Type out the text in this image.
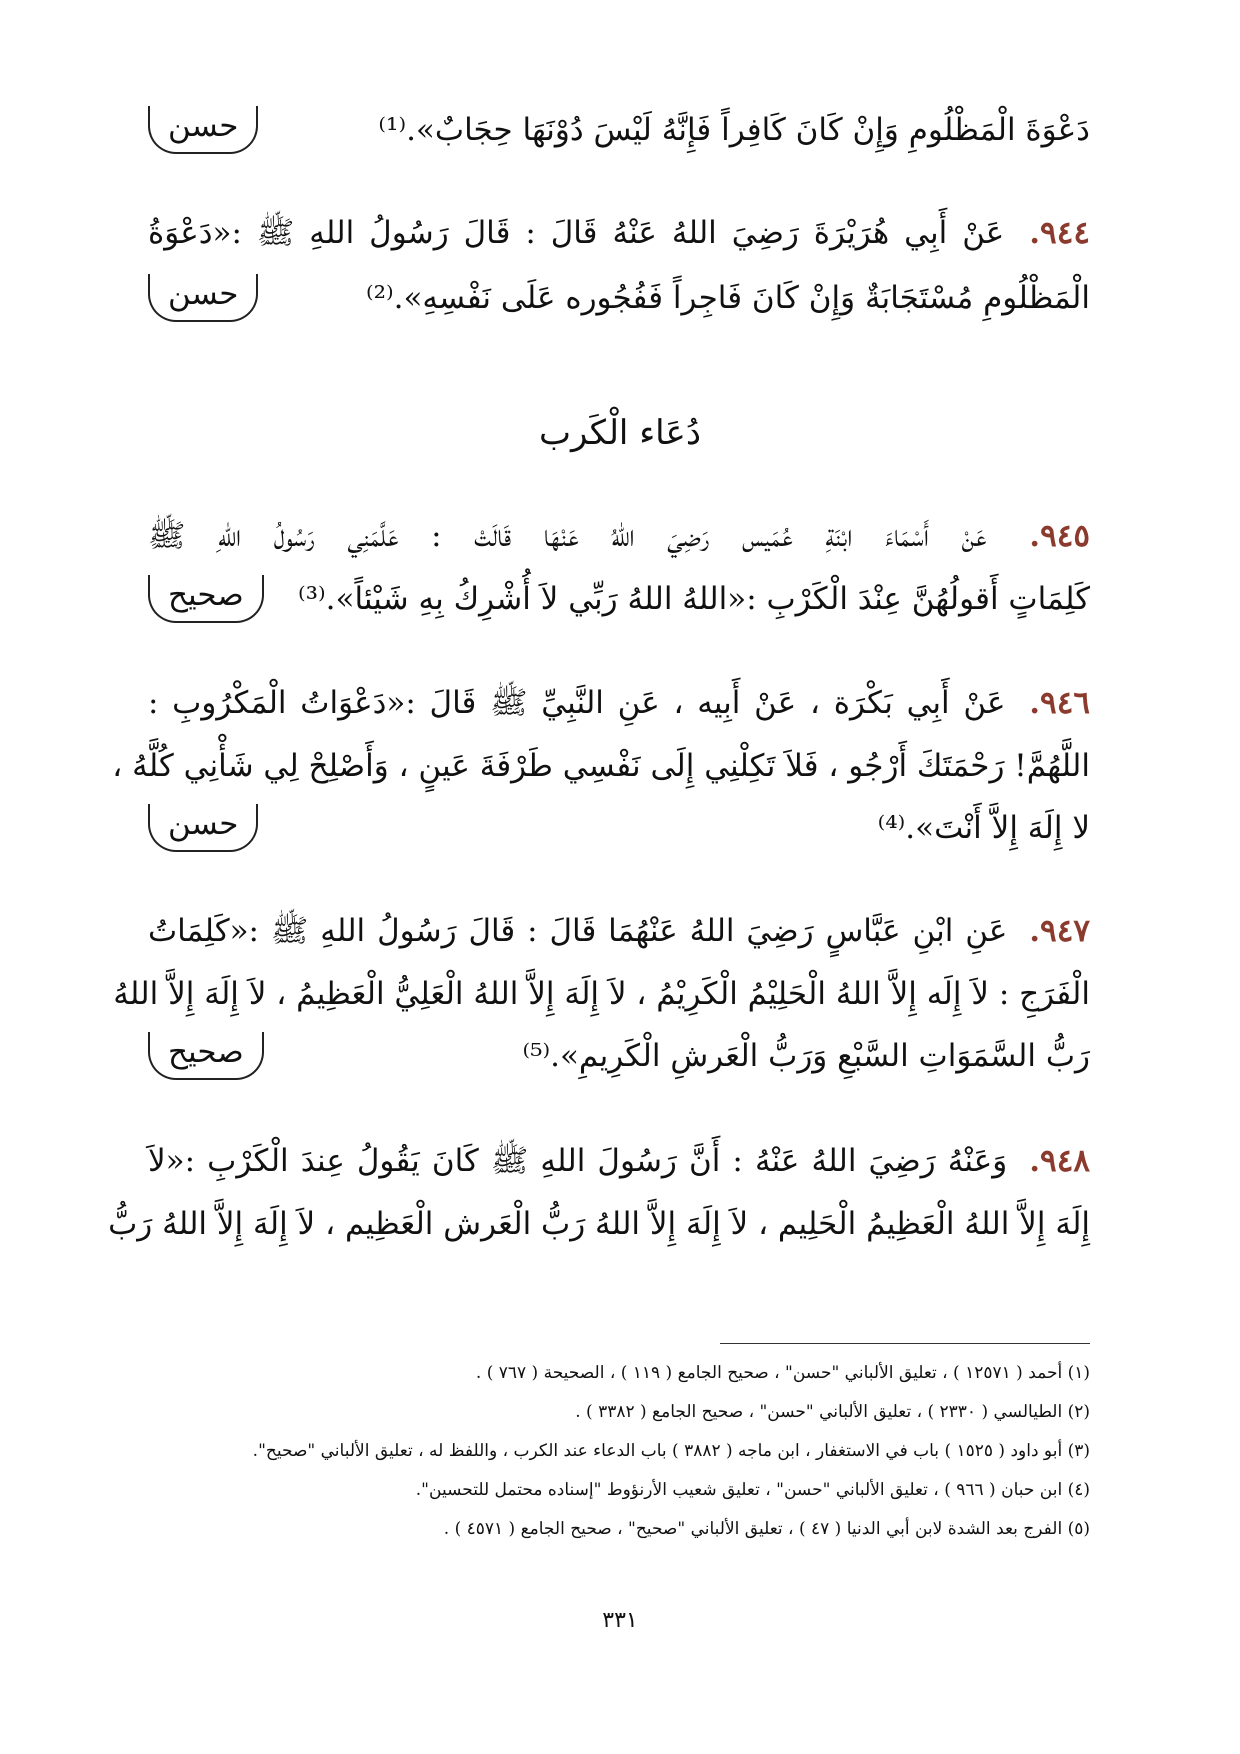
دَعْوَةَ الْمَظْلُومِ وَإِنْ كَانَ كَافِراً فَإِنَّهُ لَيْسَ دُوْنَهَا حِجَابٌ».⁽¹⁾
حسن
٩٤٤. عَنْ أَبِي هُرَيْرَةَ رَضِيَ اللهُ عَنْهُ قَالَ : قَالَ رَسُولُ اللهِ ﷺ :«دَعْوَةُ
الْمَظْلُومِ مُسْتَجَابَةٌ وَإِنْ كَانَ فَاجِراً فَفُجُوره عَلَى نَفْسِهِ».⁽²⁾
حسن
دُعَاء الْكَرب
٩٤٥. عَنْ أَسْمَاءَ ابْنَةِ عُمَيس رَضِيَ اللهُ عَنْهَا قَالَتْ : عَلَّمَنِي رَسُولُ اللهِ ﷺ
كَلِمَاتٍ أَقولُهُنَّ عِنْدَ الْكَرْبِ :«اللهُ اللهُ رَبِّي لاَ أُشْرِكُ بِهِ شَيْئاً».⁽³⁾
صحيح
٩٤٦. عَنْ أَبِي بَكْرَة ، عَنْ أَبِيه ، عَنِ النَّبِيِّ ﷺ قَالَ :«دَعْوَاتُ الْمَكْرُوبِ :
اللَّهُمَّ! رَحْمَتَكَ أَرْجُو ، فَلاَ تَكِلْنِي إِلَى نَفْسِي طَرْفَةَ عَينٍ ، وَأَصْلِحْ لِي شَأْنِي كُلَّهُ ،
لا إِلَهَ إِلاَّ أَنْتَ».⁽⁴⁾
حسن
٩٤٧. عَنِ ابْنِ عَبَّاسٍ رَضِيَ اللهُ عَنْهُمَا قَالَ : قَالَ رَسُولُ اللهِ ﷺ :«كَلِمَاتُ
الْفَرَجِ : لاَ إِلَه إِلاَّ اللهُ الْحَلِيْمُ الْكَرِيْمُ ، لاَ إِلَهَ إِلاَّ اللهُ الْعَلِيُّ الْعَظِيمُ ، لاَ إِلَهَ إِلاَّ اللهُ
رَبُّ السَّمَوَاتِ السَّبْعِ وَرَبُّ الْعَرشِ الْكَرِيمِ».⁽⁵⁾
صحيح
٩٤٨. وَعَنْهُ رَضِيَ اللهُ عَنْهُ : أَنَّ رَسُولَ اللهِ ﷺ كَانَ يَقُولُ عِندَ الْكَرْبِ :«لاَ
إِلَهَ إِلاَّ اللهُ الْعَظِيمُ الْحَلِيم ، لاَ إِلَهَ إِلاَّ اللهُ رَبُّ الْعَرش الْعَظِيم ، لاَ إِلَهَ إِلاَّ اللهُ رَبُّ
(١) أحمد ( ١٢٥٧١ ) ، تعليق الألباني "حسن" ، صحيح الجامع ( ١١٩ ) ، الصحيحة ( ٧٦٧ ) .
(٢) الطيالسي ( ٢٣٣٠ ) ، تعليق الألباني "حسن" ، صحيح الجامع ( ٣٣٨٢ ) .
(٣) أبو داود ( ١٥٢٥ ) باب في الاستغفار ، ابن ماجه ( ٣٨٨٢ ) باب الدعاء عند الكرب ، واللفظ له ، تعليق الألباني "صحيح".
(٤) ابن حبان ( ٩٦٦ ) ، تعليق الألباني "حسن" ، تعليق شعيب الأرنؤوط "إسناده محتمل للتحسين".
(٥) الفرج بعد الشدة لابن أبي الدنيا ( ٤٧ ) ، تعليق الألباني "صحيح" ، صحيح الجامع ( ٤٥٧١ ) .
٣٣١
